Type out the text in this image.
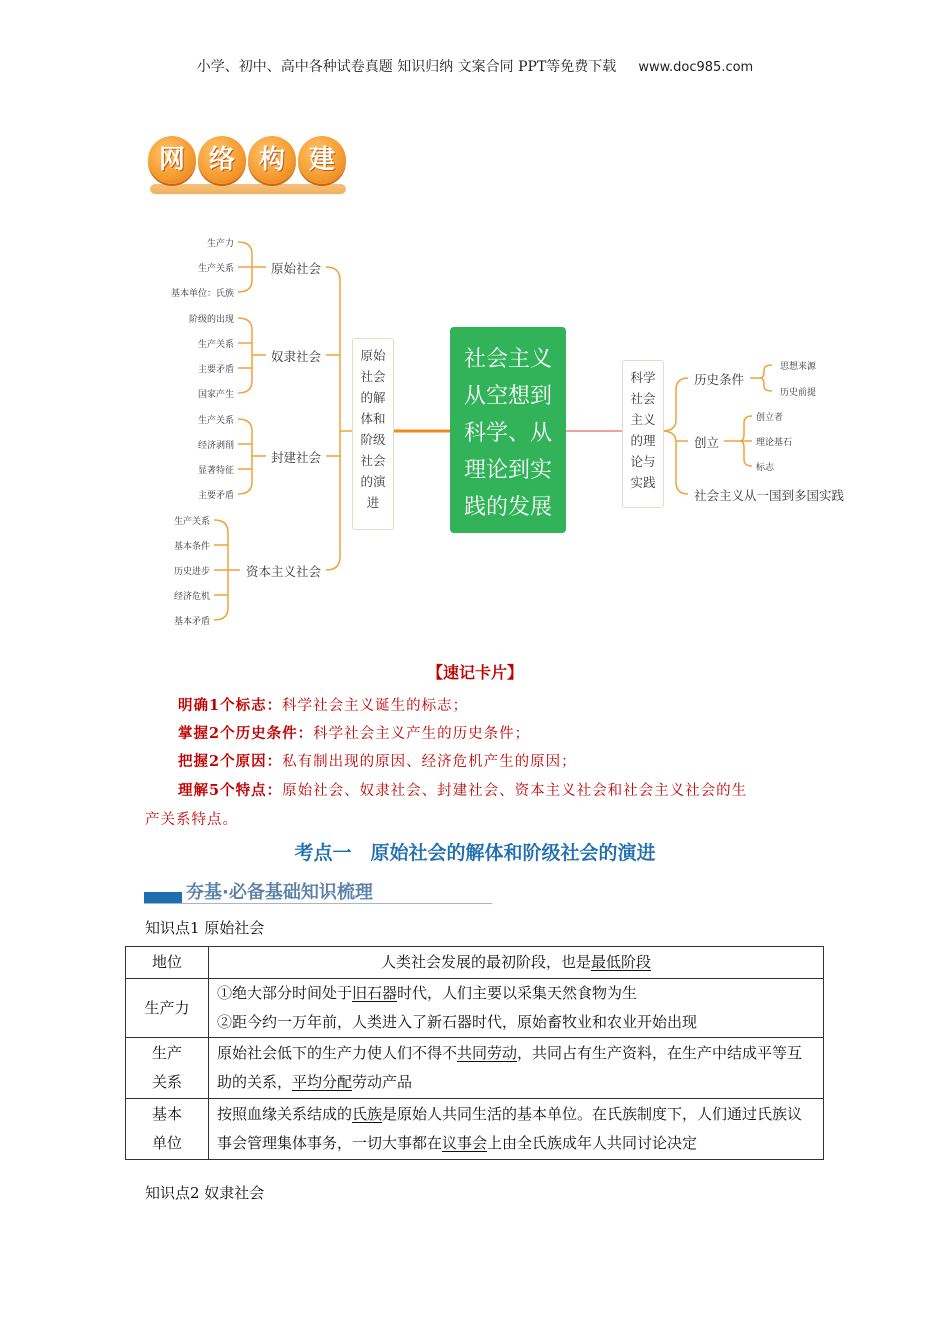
小学、初中、高中各种试卷真题 知识归纳 文案合同 PPT等免费下载 www.doc985.com
网 络 构 建
生产力
生产关系
基本单位：氏族
原始社会
阶级的出现
生产关系
主要矛盾
国家产生
奴隶社会
生产关系
经济剥削
显著特征
主要矛盾
封建社会
生产关系
基本条件
历史进步
经济危机
基本矛盾
资本主义社会
原始
社会
的解
体和
阶级
社会
的演
进
社会主义
从空想到
科学、从
理论到实
践的发展
科学
社会
主义
的理
论与
实践
历史条件
思想来源
历史前提
创立
创立者
理论基石
标志
社会主义从一国到多国实践
【速记卡片】
明确1个标志：科学社会主义诞生的标志；
掌握2个历史条件：科学社会主义产生的历史条件；
把握2个原因：私有制出现的原因、经济危机产生的原因；
理解5个特点：原始社会、奴隶社会、封建社会、资本主义社会和社会主义社会的生
产关系特点。
考点一　原始社会的解体和阶级社会的演进
夯基·必备基础知识梳理
知识点1 原始社会
地位	人类社会发展的最初阶段，也是最低阶段
生产力	①绝大部分时间处于旧石器时代，人们主要以采集天然食物为生
②距今约一万年前，人类进入了新石器时代，原始畜牧业和农业开始出现

生产
关系	原始社会低下的生产力使人们不得不共同劳动，共同占有生产资料，在生产中结成平等互助的关系，平均分配劳动产品

基本
单位	按照血缘关系结成的氏族是原始人共同生活的基本单位。在氏族制度下，人们通过氏族议事会管理集体事务，一切大事都在议事会上由全氏族成年人共同讨论决定
知识点2 奴隶社会
